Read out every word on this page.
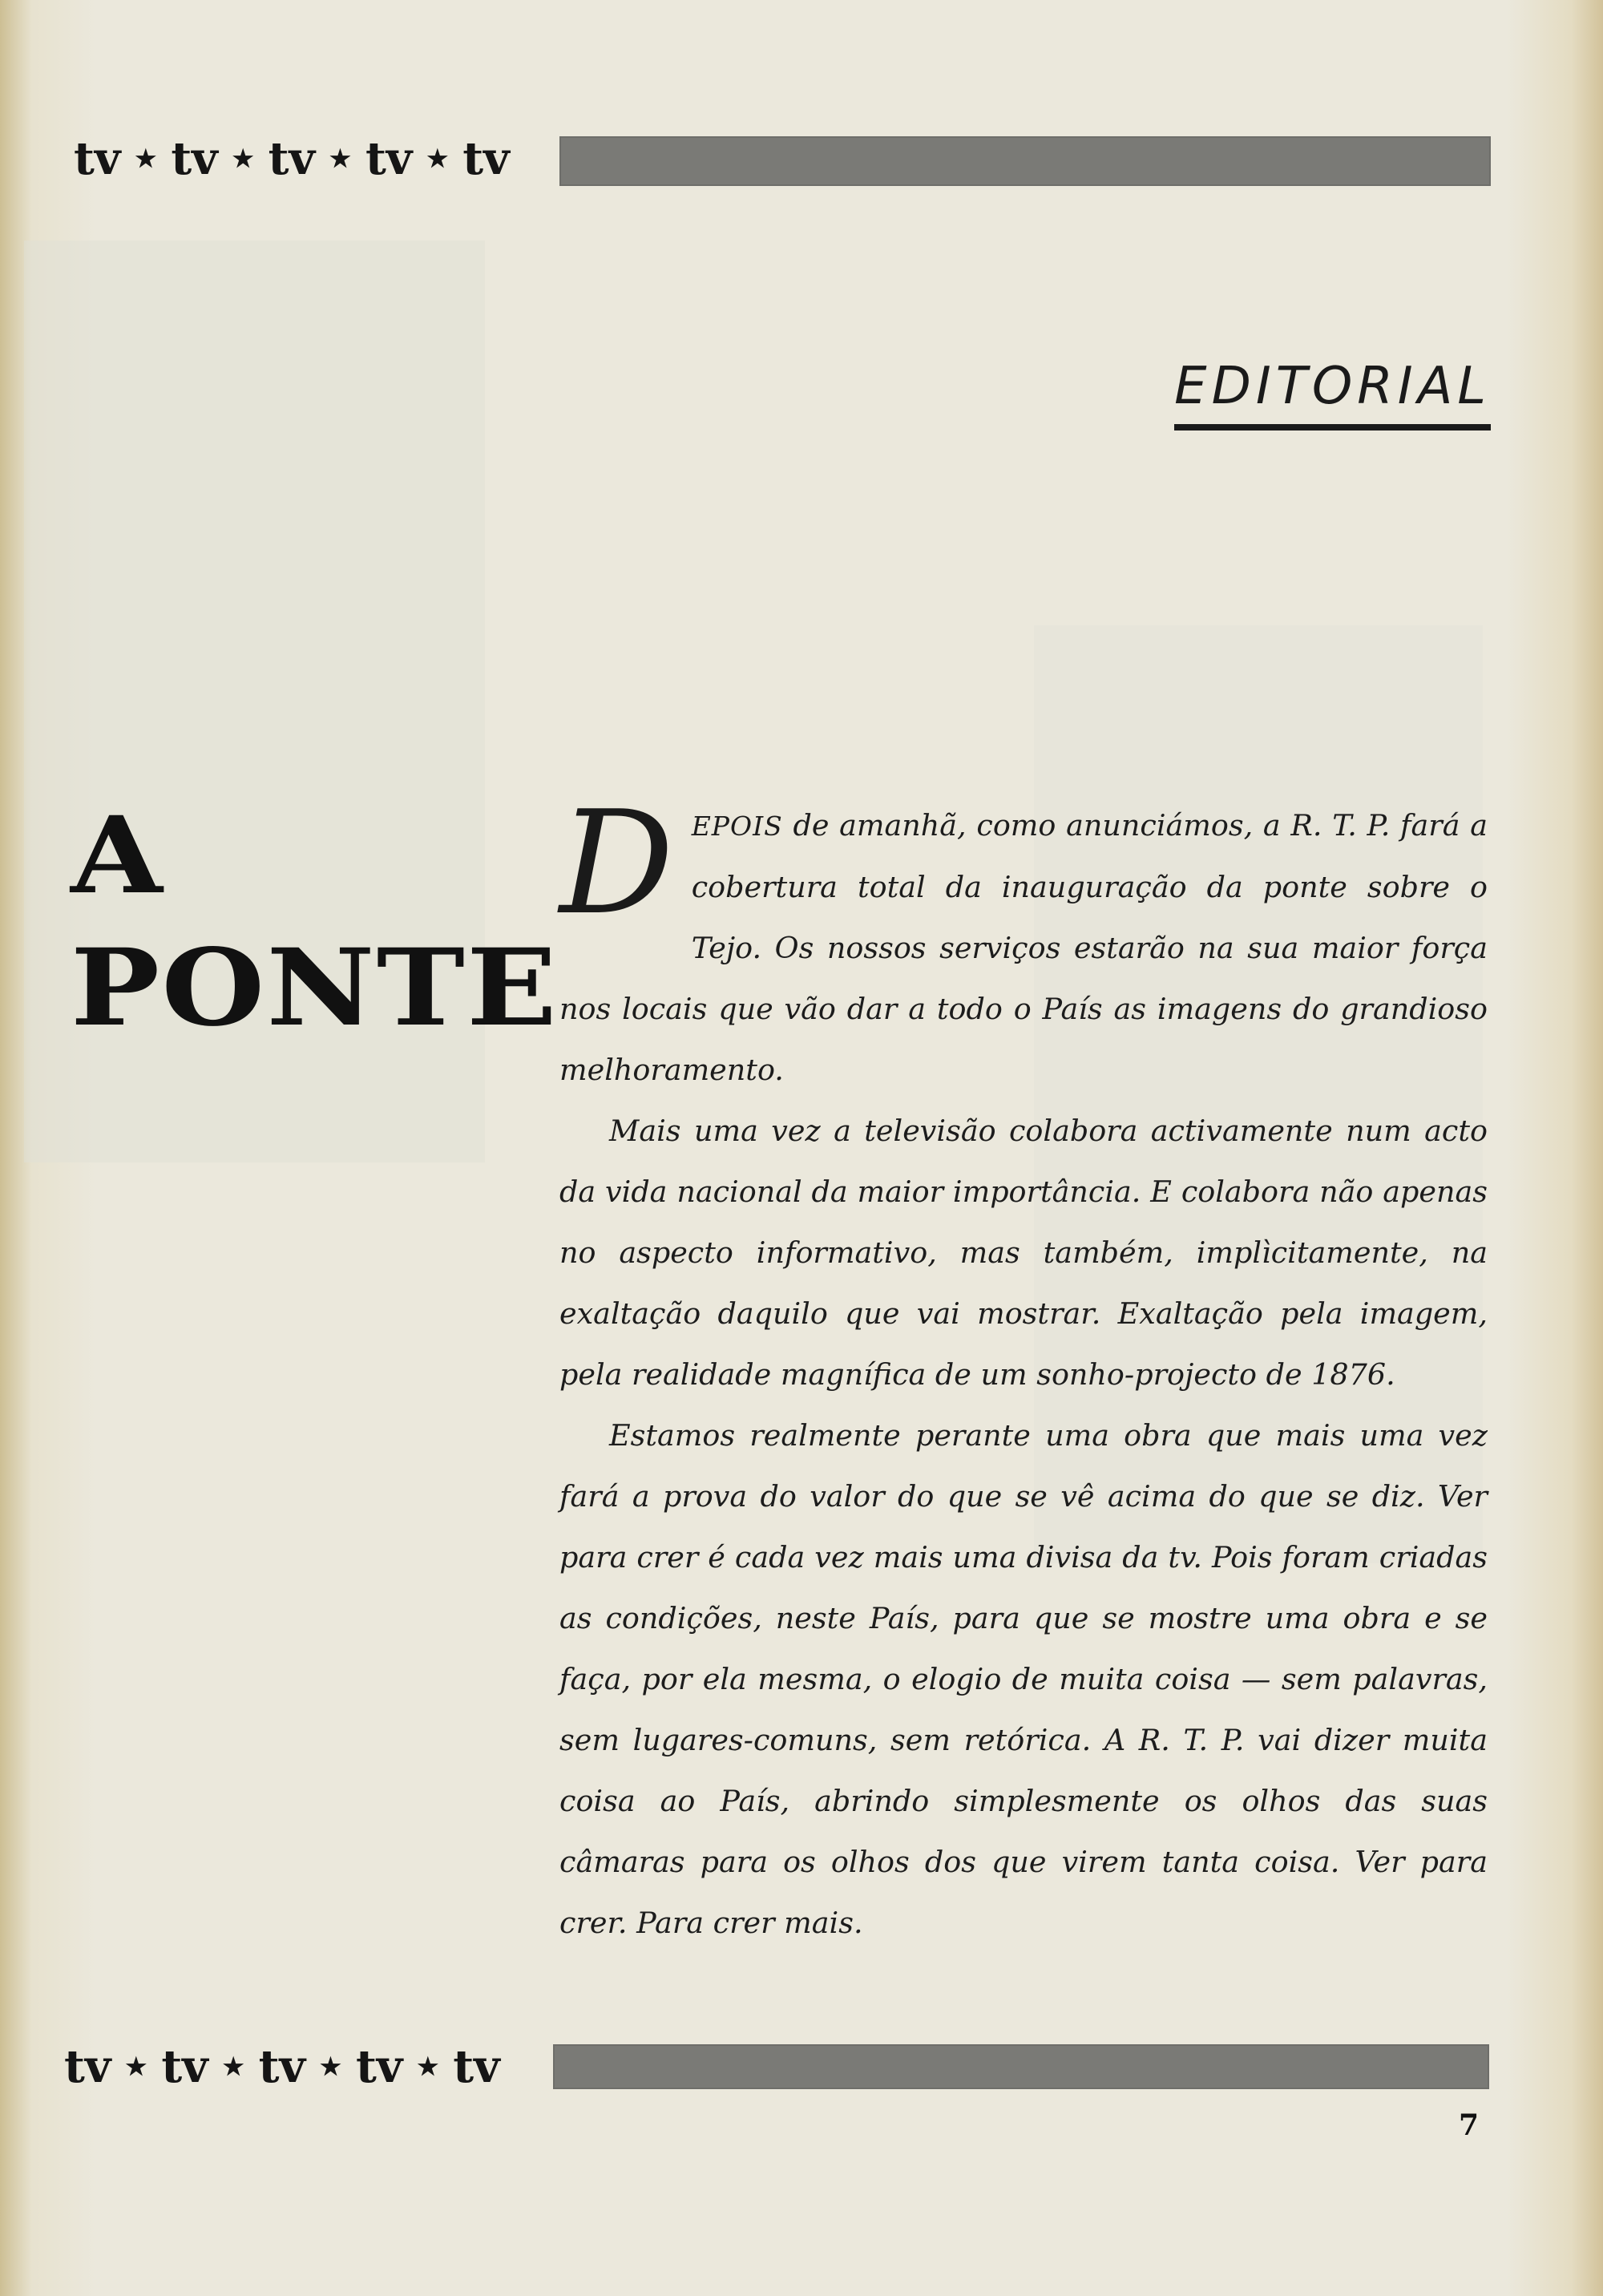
tv ★ tv ★ tv ★ tv ★ tv
EDITORIAL
A
PONTE

DEPOIS de amanhã, como anunciámos, a R. T. P. fará a cobertura total da inauguração da ponte sobre o Tejo. Os nossos serviços estarão na sua maior força nos locais que vão dar a todo o País as imagens do grandioso melhoramento.

Mais uma vez a televisão colabora activamente num acto da vida nacional da maior importância. E colabora não apenas no aspecto informativo, mas também, implìcitamente, na exaltação daquilo que vai mostrar. Exaltação pela imagem, pela realidade magnífica de um sonho-projecto de 1876.

Estamos realmente perante uma obra que mais uma vez fará a prova do valor do que se vê acima do que se diz. Ver para crer é cada vez mais uma divisa da tv. Pois foram criadas as condições, neste País, para que se mostre uma obra e se faça, por ela mesma, o elogio de muita coisa — sem palavras, sem lugares-comuns, sem retórica. A R. T. P. vai dizer muita coisa ao País, abrindo simplesmente os olhos das suas câmaras para os olhos dos que virem tanta coisa. Ver para crer. Para crer mais.

tv ★ tv ★ tv ★ tv ★ tv
7
